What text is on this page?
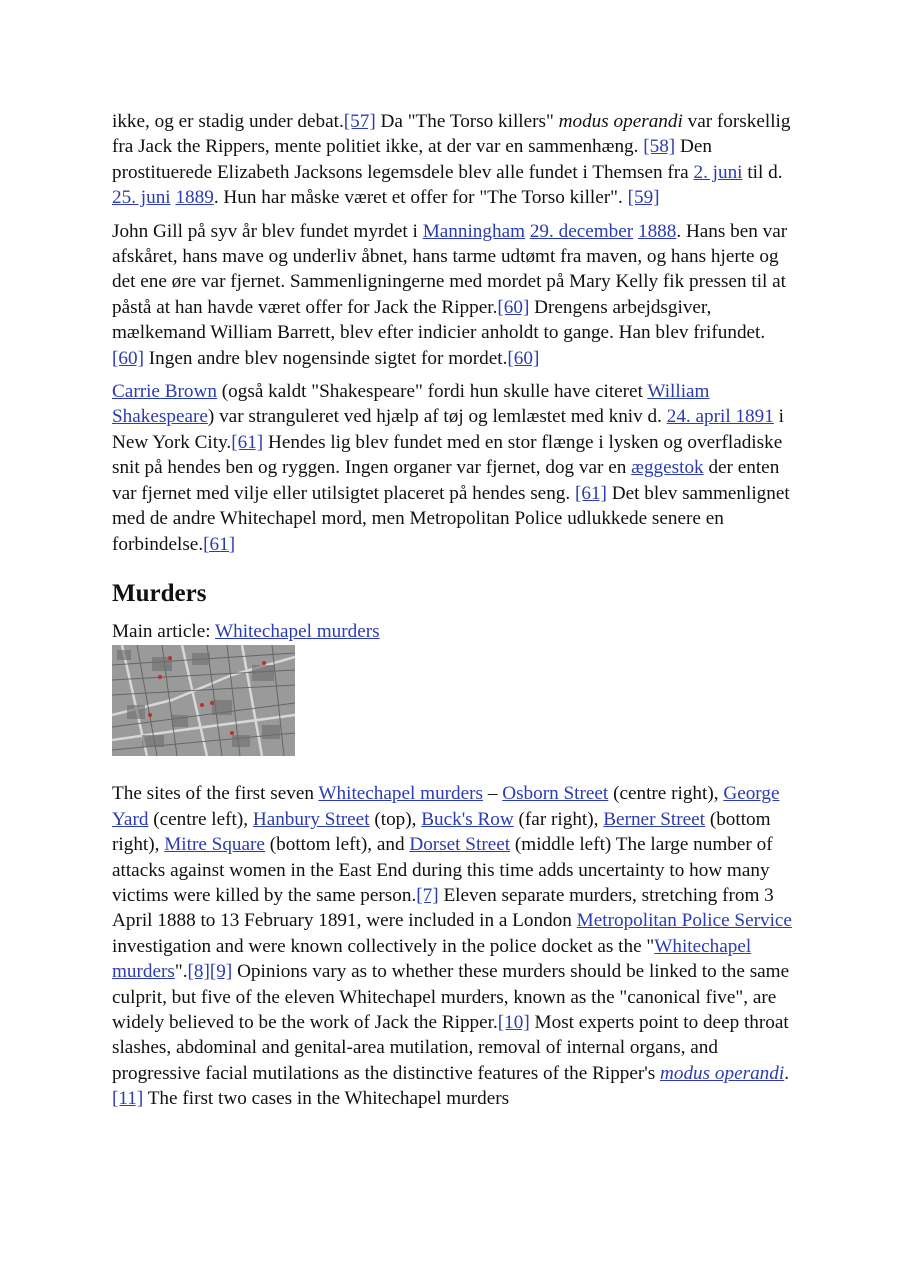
ikke, og er stadig under debat.[57] Da "The Torso killers" modus operandi var forskellig fra Jack the Rippers, mente politiet ikke, at der var en sammenhæng. [58] Den prostituerede Elizabeth Jacksons legemsdele blev alle fundet i Themsen fra 2. juni til d. 25. juni 1889. Hun har måske været et offer for "The Torso killer". [59]

John Gill på syv år blev fundet myrdet i Manningham 29. december 1888. Hans ben var afskåret, hans mave og underliv åbnet, hans tarme udtømt fra maven, og hans hjerte og det ene øre var fjernet. Sammenligningerne med mordet på Mary Kelly fik pressen til at påstå at han havde været offer for Jack the Ripper.[60] Drengens arbejdsgiver, mælkemand William Barrett, blev efter indicier anholdt to gange. Han blev frifundet.[60] Ingen andre blev nogensinde sigtet for mordet.[60]

Carrie Brown (også kaldt "Shakespeare" fordi hun skulle have citeret William Shakespeare) var stranguleret ved hjælp af tøj og lemlæstet med kniv d. 24. april 1891 i New York City.[61] Hendes lig blev fundet med en stor flænge i lysken og overfladiske snit på hendes ben og ryggen. Ingen organer var fjernet, dog var en æggestok der enten var fjernet med vilje eller utilsigtet placeret på hendes seng. [61] Det blev sammenlignet med de andre Whitechapel mord, men Metropolitan Police udlukkede senere en forbindelse.[61]

Murders
Main article: Whitechapel murders

The sites of the first seven Whitechapel murders – Osborn Street (centre right), George Yard (centre left), Hanbury Street (top), Buck's Row (far right), Berner Street (bottom right), Mitre Square (bottom left), and Dorset Street (middle left) The large number of attacks against women in the East End during this time adds uncertainty to how many victims were killed by the same person.[7] Eleven separate murders, stretching from 3 April 1888 to 13 February 1891, were included in a London Metropolitan Police Service investigation and were known collectively in the police docket as the "Whitechapel murders".[8][9] Opinions vary as to whether these murders should be linked to the same culprit, but five of the eleven Whitechapel murders, known as the "canonical five", are widely believed to be the work of Jack the Ripper.[10] Most experts point to deep throat slashes, abdominal and genital-area mutilation, removal of internal organs, and progressive facial mutilations as the distinctive features of the Ripper's modus operandi.[11] The first two cases in the Whitechapel murders
